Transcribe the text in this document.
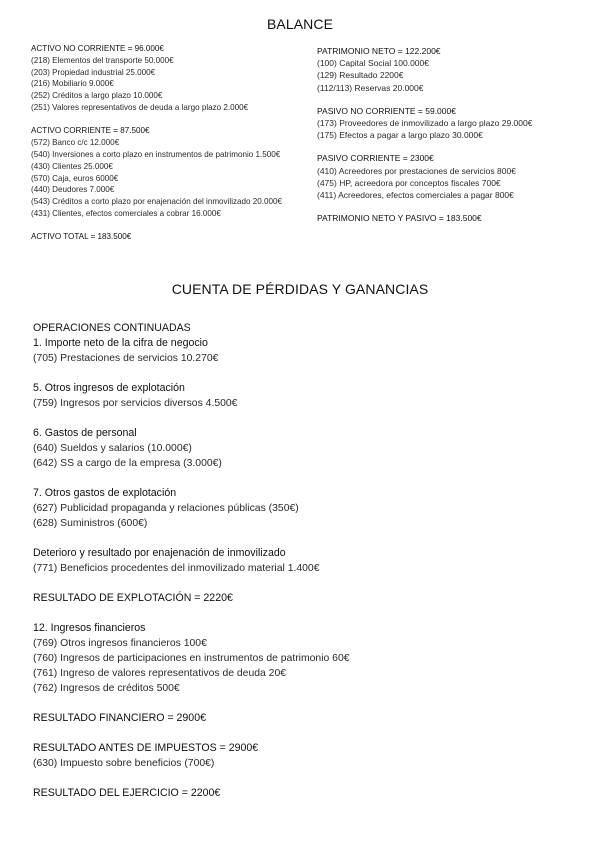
BALANCE
ACTIVO NO CORRIENTE = 96.000€
(218) Elementos del transporte 50.000€
(203) Propiedad industrial 25.000€
(216) Mobiliario 9.000€
(252) Créditos a largo plazo 10.000€
(251) Valores representativos de deuda a largo plazo 2.000€
ACTIVO CORRIENTE = 87.500€
(572) Banco c/c 12.000€
(540) Inversiones a corto plazo en instrumentos de patrimonio 1.500€
(430) Clientes 25.000€
(570) Caja, euros 6000€
(440) Deudores 7.000€
(543) Créditos a corto plazo por enajenación del inmovilizado 20.000€
(431) Clientes, efectos comerciales a cobrar 16.000€
ACTIVO TOTAL = 183.500€
PATRIMONIO NETO = 122.200€
(100) Capital Social 100.000€
(129) Resultado 2200€
(112/113) Reservas 20.000€
PASIVO NO CORRIENTE = 59.000€
(173) Proveedores de inmovilizado a largo plazo 29.000€
(175) Efectos a pagar a largo plazo 30.000€
PASIVO CORRIENTE = 2300€
(410) Acreedores por prestaciones de servicios 800€
(475) HP, acreedora por conceptos fiscales 700€
(411) Acreedores, efectos comerciales a pagar 800€
PATRIMONIO NETO Y PASIVO = 183.500€
CUENTA DE PÉRDIDAS Y GANANCIAS
OPERACIONES CONTINUADAS
1. Importe neto de la cifra de negocio
(705) Prestaciones de servicios 10.270€
5. Otros ingresos de explotación
(759) Ingresos por servicios diversos 4.500€
6. Gastos de personal
(640) Sueldos y salarios (10.000€)
(642) SS a cargo de la empresa (3.000€)
7. Otros gastos de explotación
(627) Publicidad propaganda y relaciones públicas (350€)
(628) Suministros (600€)
Deterioro y resultado por enajenación de inmovilizado
(771) Beneficios procedentes del inmovilizado material 1.400€
RESULTADO DE EXPLOTACIÓN = 2220€
12. Ingresos financieros
(769) Otros ingresos financieros 100€
(760) Ingresos de participaciones en instrumentos de patrimonio 60€
(761) Ingreso de valores representativos de deuda 20€
(762) Ingresos de créditos 500€
RESULTADO FINANCIERO = 2900€
RESULTADO ANTES DE IMPUESTOS = 2900€
(630) Impuesto sobre beneficios (700€)
RESULTADO DEL EJERCICIO = 2200€
